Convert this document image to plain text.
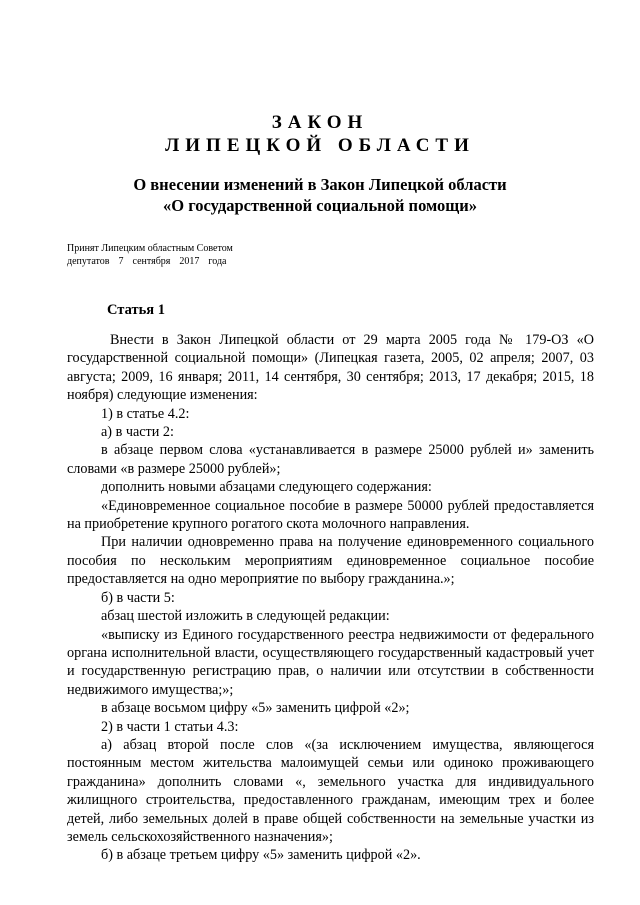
ЗАКОН
ЛИПЕЦКОЙ ОБЛАСТИ
О внесении изменений в Закон Липецкой области
«О государственной социальной помощи»
Принят Липецким областным Советом
депутатов 7 сентября 2017 года
Статья 1

Внести в Закон Липецкой области от 29 марта 2005 года № 179-ОЗ «О государственной социальной помощи» (Липецкая газета, 2005, 02 апреля; 2007, 03 августа; 2009, 16 января; 2011, 14 сентября, 30 сентября; 2013, 17 декабря; 2015, 18 ноября) следующие изменения:

1) в статье 4.2:

а) в части 2:

в абзаце первом слова «устанавливается в размере 25000 рублей и» заменить словами «в размере 25000 рублей»;

дополнить новыми абзацами следующего содержания:

«Единовременное социальное пособие в размере 50000 рублей предоставляется на приобретение крупного рогатого скота молочного направления.

При наличии одновременно права на получение единовременного социального пособия по нескольким мероприятиям единовременное социальное пособие предоставляется на одно мероприятие по выбору гражданина.»;

б) в части 5:

абзац шестой изложить в следующей редакции:

«выписку из Единого государственного реестра недвижимости от федерального органа исполнительной власти, осуществляющего государственный кадастровый учет и государственную регистрацию прав, о наличии или отсутствии в собственности недвижимого имущества;»;

в абзаце восьмом цифру «5» заменить цифрой «2»;

2) в части 1 статьи 4.3:

а) абзац второй после слов «(за исключением имущества, являющегося постоянным местом жительства малоимущей семьи или одиноко проживающего гражданина» дополнить словами «, земельного участка для индивидуального жилищного строительства, предоставленного гражданам, имеющим трех и более детей, либо земельных долей в праве общей собственности на земельные участки из земель сельскохозяйственного назначения»;

б) в абзаце третьем цифру «5» заменить цифрой «2».
